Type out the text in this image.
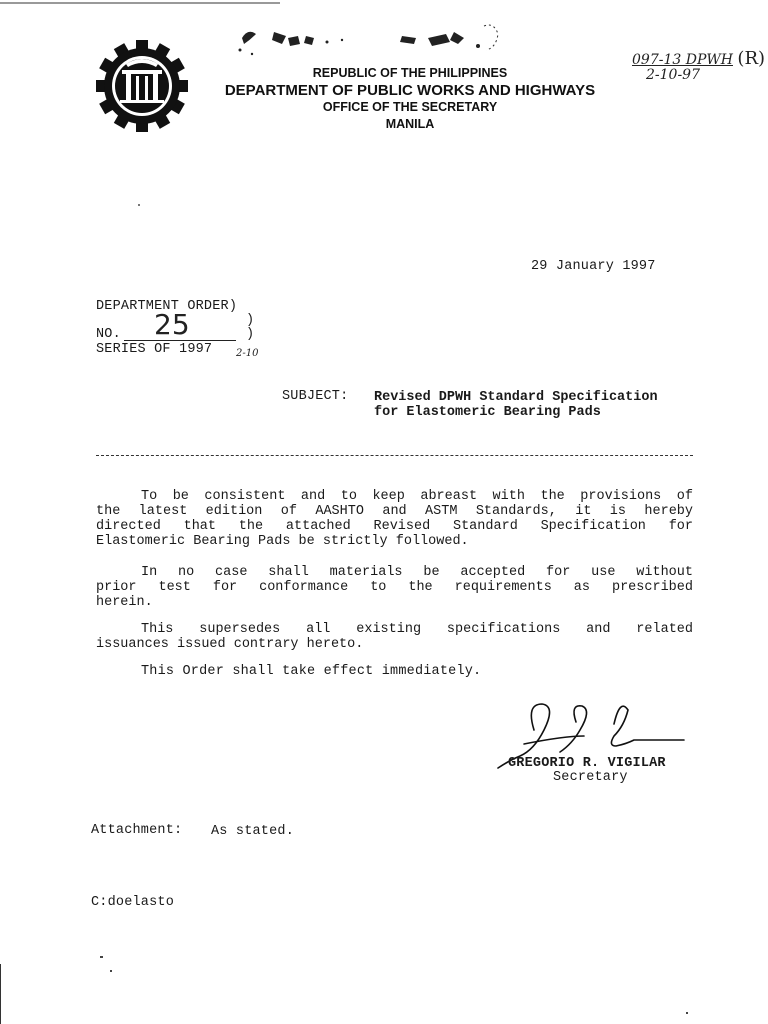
REPUBLIC OF THE PHILIPPINES
DEPARTMENT OF PUBLIC WORKS AND HIGHWAYS
OFFICE OF THE SECRETARY
MANILA
097-13 DPWH (R)
2-10-97
29 January 1997
DEPARTMENT ORDER)
)
NO. 25	)
SERIES OF 1997 2-10
SUBJECT: Revised DPWH Standard Specification
for Elastomeric Bearing Pads
To be consistent and to keep abreast with the provisions of
the latest edition of AASHTO and ASTM Standards, it is hereby
directed that the attached Revised Standard Specification for
Elastomeric Bearing Pads be strictly followed.
In no case shall materials be accepted for use without
prior test for conformance to the requirements as prescribed
herein.
This supersedes all existing specifications and related
issuances issued contrary hereto.
This Order shall take effect immediately.
GREGORIO R. VIGILAR
Secretary
Attachment: As stated.
C:doelasto
